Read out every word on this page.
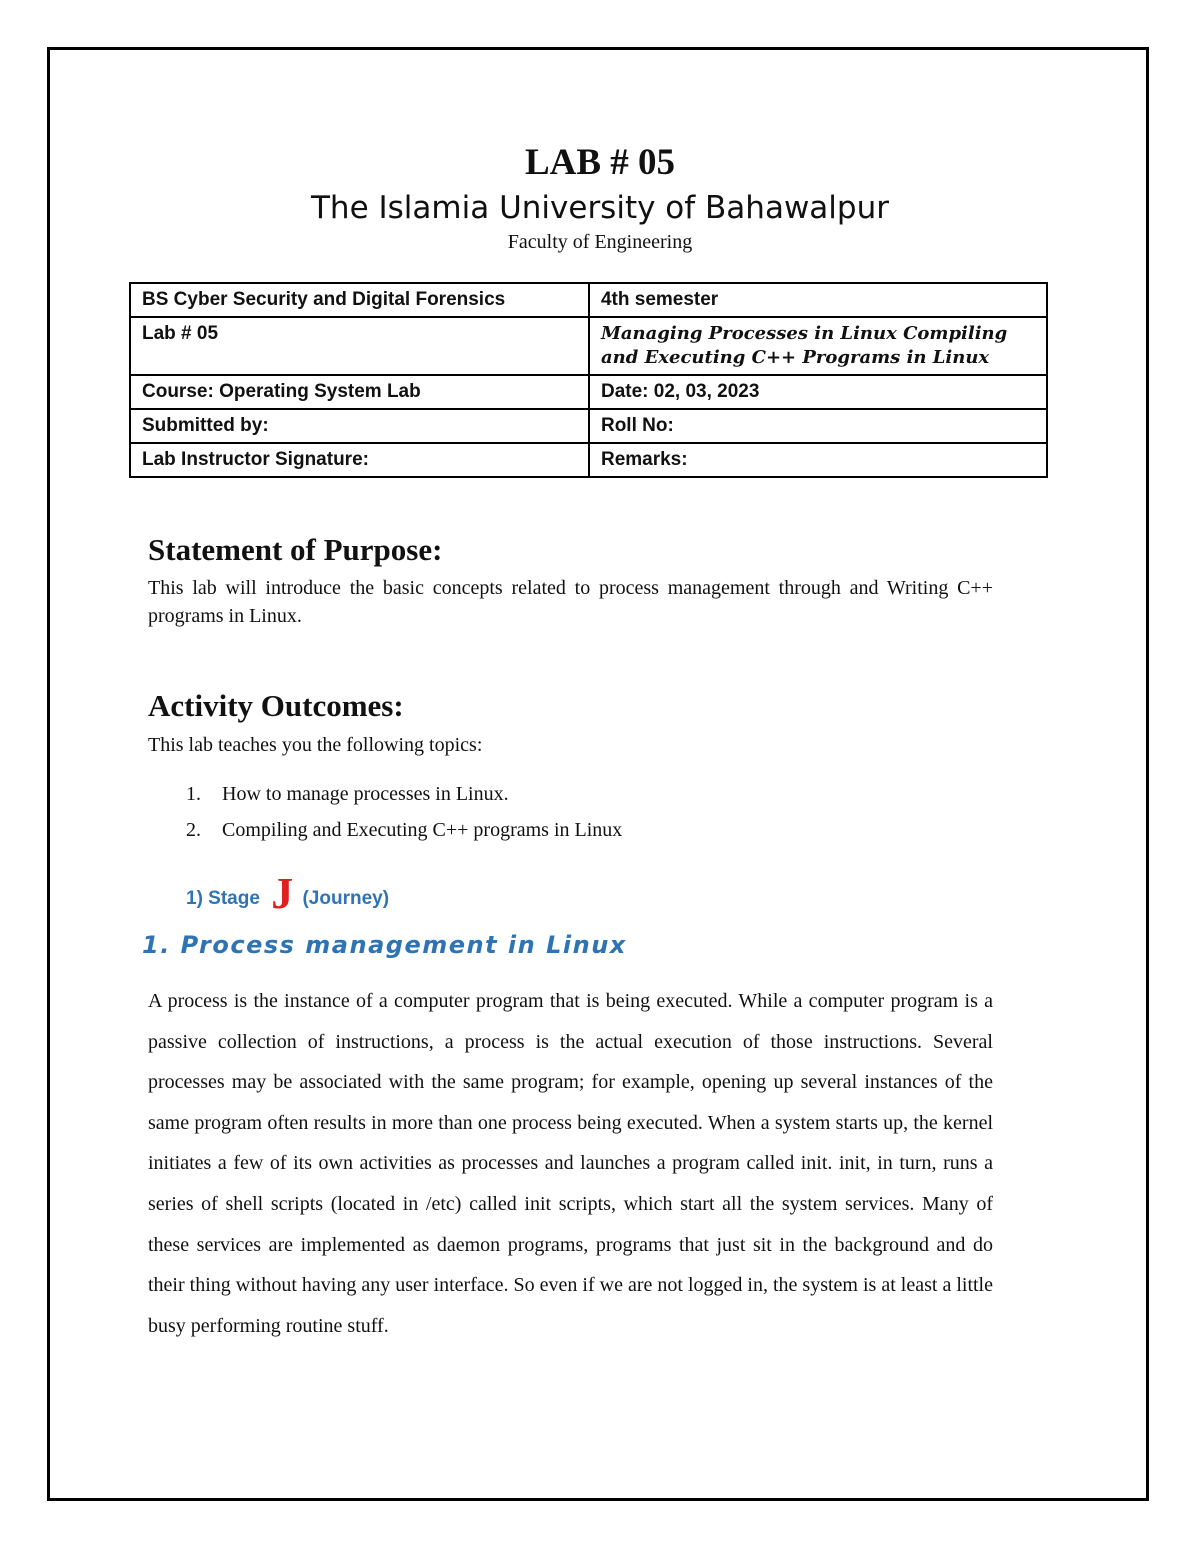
LAB # 05
The Islamia University of Bahawalpur
Faculty of Engineering
BS Cyber Security and Digital Forensics	4th semester
Lab # 05	Managing Processes in Linux Compiling and Executing C++ Programs in Linux
Course: Operating System Lab	Date: 02, 03, 2023
Submitted by:	Roll No:
Lab Instructor Signature:	Remarks:
Statement of Purpose:

This lab will introduce the basic concepts related to process management through and Writing C++ programs in Linux.

Activity Outcomes:

This lab teaches you the following topics:

1.	How to manage processes in Linux.
2.	Compiling and Executing C++ programs in Linux
1) Stage J (Journey)
1. Process management in Linux

A process is the instance of a computer program that is being executed. While a computer program is a passive collection of instructions, a process is the actual execution of those instructions. Several processes may be associated with the same program; for example, opening up several instances of the same program often results in more than one process being executed. When a system starts up, the kernel initiates a few of its own activities as processes and launches a program called init. init, in turn, runs a series of shell scripts (located in /etc) called init scripts, which start all the system services. Many of these services are implemented as daemon programs, programs that just sit in the background and do their thing without having any user interface. So even if we are not logged in, the system is at least a little busy performing routine stuff.
